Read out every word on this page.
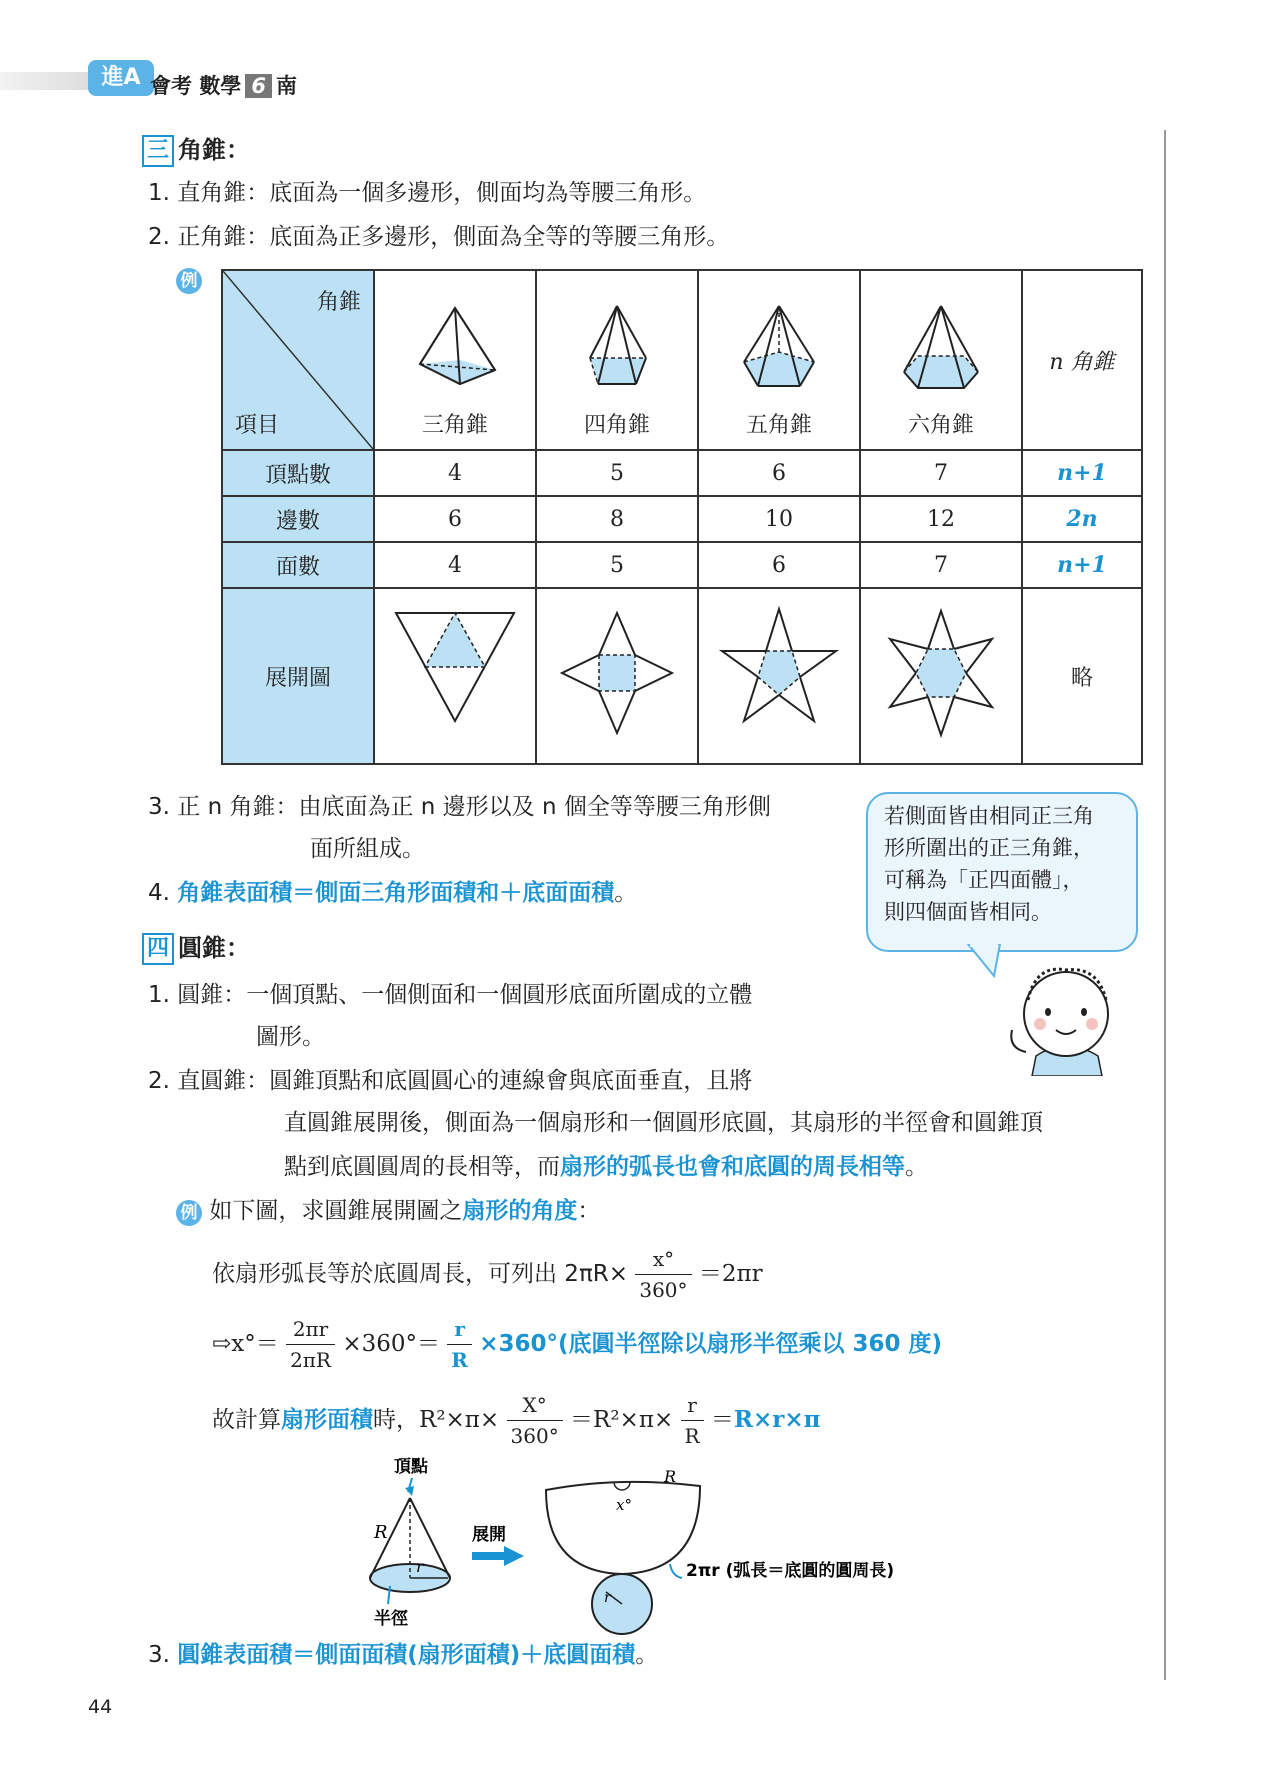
進A 會考 數學 6 南
三 角錐：
1. 直角錐：底面為一個多邊形，側面均為等腰三角形。
2. 正角錐：底面為正多邊形，側面為全等的等腰三角形。
例
角錐
項目	三角錐	四角錐	五角錐	六角錐	n 角錐
頂點數	4	5	6	7	n+1
邊數	6	8	10	12	2n
面數	4	5	6	7	n+1
展開圖					略
3. 正 n 角錐：由底面為正 n 邊形以及 n 個全等等腰三角形側
面所組成。
4. 角錐表面積＝側面三角形面積和＋底面面積。
若側面皆由相同正三角
形所圍出的正三角錐，
可稱為「正四面體」，
則四個面皆相同。
四 圓錐：
1. 圓錐：一個頂點、一個側面和一個圓形底面所圍成的立體
圖形。
2. 直圓錐：圓錐頂點和底圓圓心的連線會與底面垂直，且將
直圓錐展開後，側面為一個扇形和一個圓形底圓，其扇形的半徑會和圓錐頂
點到底圓圓周的長相等，而扇形的弧長也會和底圓的周長相等。
例 如下圖，求圓錐展開圖之扇形的角度：
依扇形弧長等於底圓周長，可列出 $2\pi R\times \frac{x^\circ}{360^\circ} =2\pi r$
⇨x°＝ $\frac{2\pi r}{2\pi R} \times 360^\circ= \frac{r}{R} \times 360^\circ$(底圓半徑除以扇形半徑乘以 360 度)
故計算扇形面積時，$R^2\times\pi\times \frac{X^\circ}{360^\circ} =R^2\times\pi\times \frac{r}{R} =R\times r\times\pi$
頂點
R
r
半徑
展開
x°
R
r
2πr (弧長＝底圓的圓周長)
3. 圓錐表面積＝側面面積(扇形面積)＋底圓面積。
44
